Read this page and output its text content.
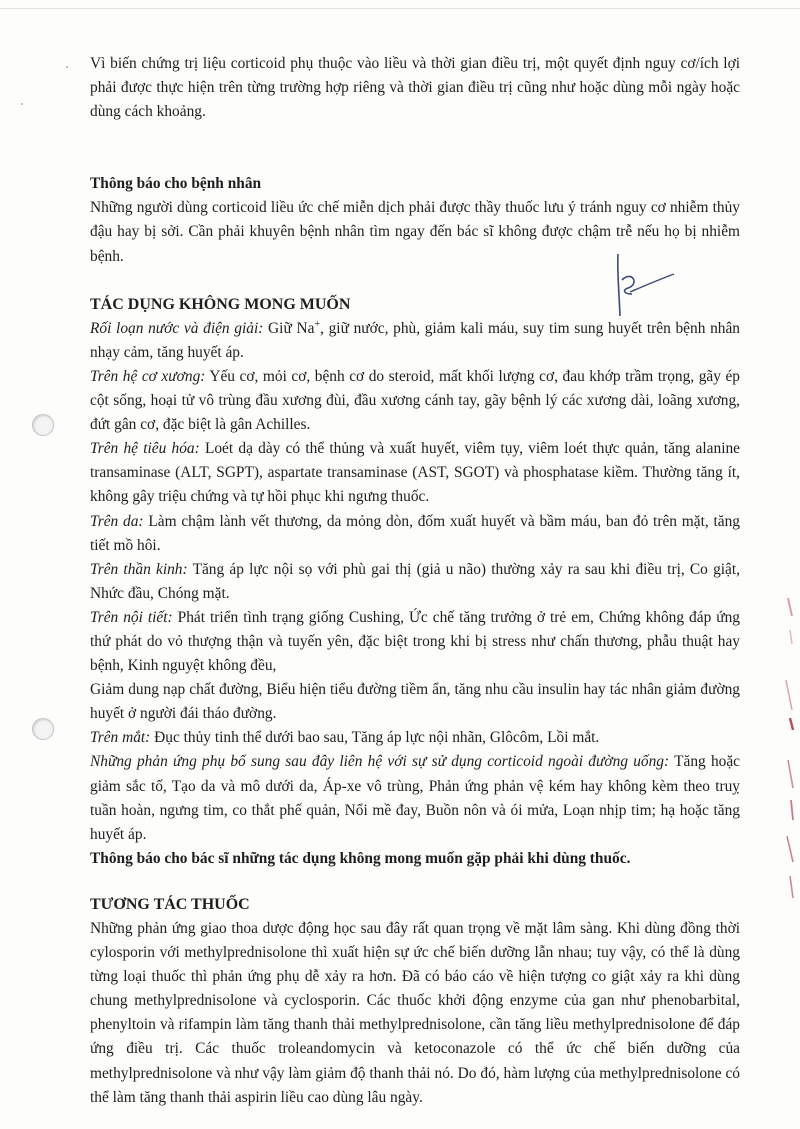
Vì biến chứng trị liệu corticoid phụ thuộc vào liều và thời gian điều trị, một quyết định nguy cơ/ích lợi phải được thực hiện trên từng trường hợp riêng và thời gian điều trị cũng như hoặc dùng mỗi ngày hoặc dùng cách khoảng.

Thông báo cho bệnh nhân

Những người dùng corticoid liều ức chế miễn dịch phải được thầy thuốc lưu ý tránh nguy cơ nhiễm thủy đậu hay bị sởi. Cần phải khuyên bệnh nhân tìm ngay đến bác sĩ không được chậm trễ nếu họ bị nhiễm bệnh.

TÁC DỤNG KHÔNG MONG MUỐN

Rối loạn nước và điện giải: Giữ Na+, giữ nước, phù, giảm kali máu, suy tim sung huyết trên bệnh nhân nhạy cảm, tăng huyết áp.

Trên hệ cơ xương: Yếu cơ, mỏi cơ, bệnh cơ do steroid, mất khối lượng cơ, đau khớp trầm trọng, gãy ép cột sống, hoại tử vô trùng đầu xương đùi, đầu xương cánh tay, gãy bệnh lý các xương dài, loãng xương, đứt gân cơ, đặc biệt là gân Achilles.

Trên hệ tiêu hóa: Loét dạ dày có thể thủng và xuất huyết, viêm tụy, viêm loét thực quản, tăng alanine transaminase (ALT, SGPT), aspartate transaminase (AST, SGOT) và phosphatase kiềm. Thường tăng ít, không gây triệu chứng và tự hồi phục khi ngưng thuốc.

Trên da: Làm chậm lành vết thương, da mỏng dòn, đốm xuất huyết và bầm máu, ban đỏ trên mặt, tăng tiết mồ hôi.

Trên thần kinh: Tăng áp lực nội sọ với phù gai thị (giả u não) thường xảy ra sau khi điều trị, Co giật, Nhức đầu, Chóng mặt.

Trên nội tiết: Phát triển tình trạng giống Cushing, Ức chế tăng trưởng ở trẻ em, Chứng không đáp ứng thứ phát do vỏ thượng thận và tuyến yên, đặc biệt trong khi bị stress như chấn thương, phẫu thuật hay bệnh, Kinh nguyệt không đều,

Giảm dung nạp chất đường, Biểu hiện tiểu đường tiềm ẩn, tăng nhu cầu insulin hay tác nhân giảm đường huyết ở người đái tháo đường.

Trên mắt: Đục thủy tinh thể dưới bao sau, Tăng áp lực nội nhãn, Glôcôm, Lồi mắt.

Những phản ứng phụ bổ sung sau đây liên hệ với sự sử dụng corticoid ngoài đường uống: Tăng hoặc giảm sắc tố, Tạo da và mô dưới da, Áp-xe vô trùng, Phản ứng phản vệ kém hay không kèm theo truỵ tuần hoàn, ngưng tim, co thắt phế quản, Nổi mề đay, Buồn nôn và ói mửa, Loạn nhịp tim; hạ hoặc tăng huyết áp.

Thông báo cho bác sĩ những tác dụng không mong muốn gặp phải khi dùng thuốc.

TƯƠNG TÁC THUỐC

Những phản ứng giao thoa dược động học sau đây rất quan trọng về mặt lâm sàng. Khi dùng đồng thời cylosporin với methylprednisolone thì xuất hiện sự ức chế biến dưỡng lẫn nhau; tuy vậy, có thể là dùng từng loại thuốc thì phản ứng phụ dễ xảy ra hơn. Đã có báo cáo về hiện tượng co giật xảy ra khi dùng chung methylprednisolone và cyclosporin. Các thuốc khởi động enzyme của gan như phenobarbital, phenyltoin và rifampin làm tăng thanh thải methylprednisolone, cần tăng liều methylprednisolone để đáp ứng điều trị. Các thuốc troleandomycin và ketoconazole có thể ức chế biến dưỡng của methylprednisolone và như vậy làm giảm độ thanh thải nó. Do đó, hàm lượng của methylprednisolone có thể làm tăng thanh thải aspirin liều cao dùng lâu ngày.
